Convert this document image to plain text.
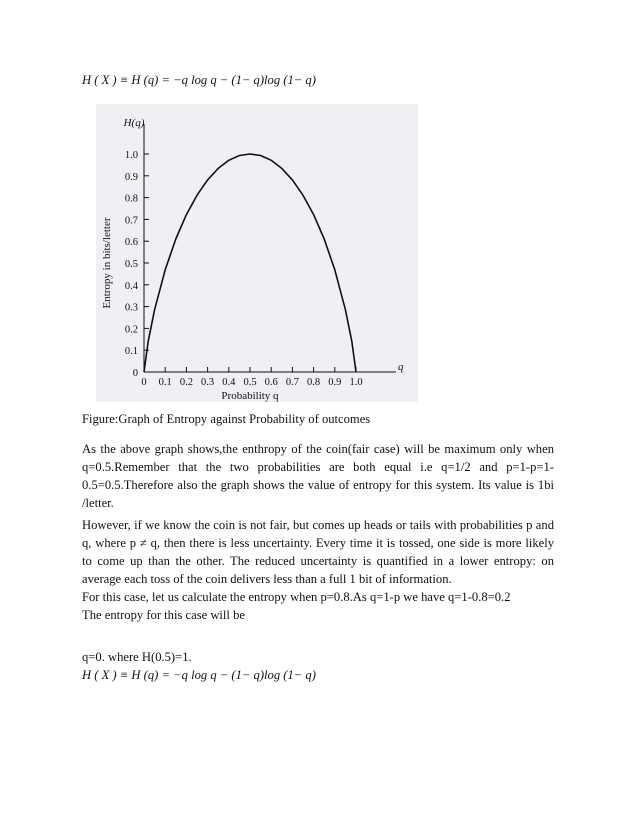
H ( X ) ≡ H (q) = −q log q − (1− q)log (1− q)
0
0.1
0.2
0.3
0.4
0.5
0.6
0.7
0.8
0.9
1.0
0 0.1 0.2 0.3 0.4 0.5 0.6 0.7 0.8 0.9 1.0
H(q)
q
Probability q
Entropy in bits/letter
Figure:Graph of Entropy against Probability of outcomes
As the above graph shows,the enthropy of the coin(fair case) will be maximum only when q=0.5.Remember that the two probabilities are both equal i.e q=1/2 and p=1-p=1-0.5=0.5.Therefore also the graph shows the value of entropy for this system. Its value is 1bi /letter.
However, if we know the coin is not fair, but comes up heads or tails with probabilities p and q, where p ≠ q, then there is less uncertainty. Every time it is tossed, one side is more likely to come up than the other. The reduced uncertainty is quantified in a lower entropy: on average each toss of the coin delivers less than a full 1 bit of information.
For this case, let us calculate the entropy when p=0.8.As q=1-p we have q=1-0.8=0.2
The entropy for this case will be
q=0. where H(0.5)=1.
H ( X ) ≡ H (q) = −q log q − (1− q)log (1− q)
